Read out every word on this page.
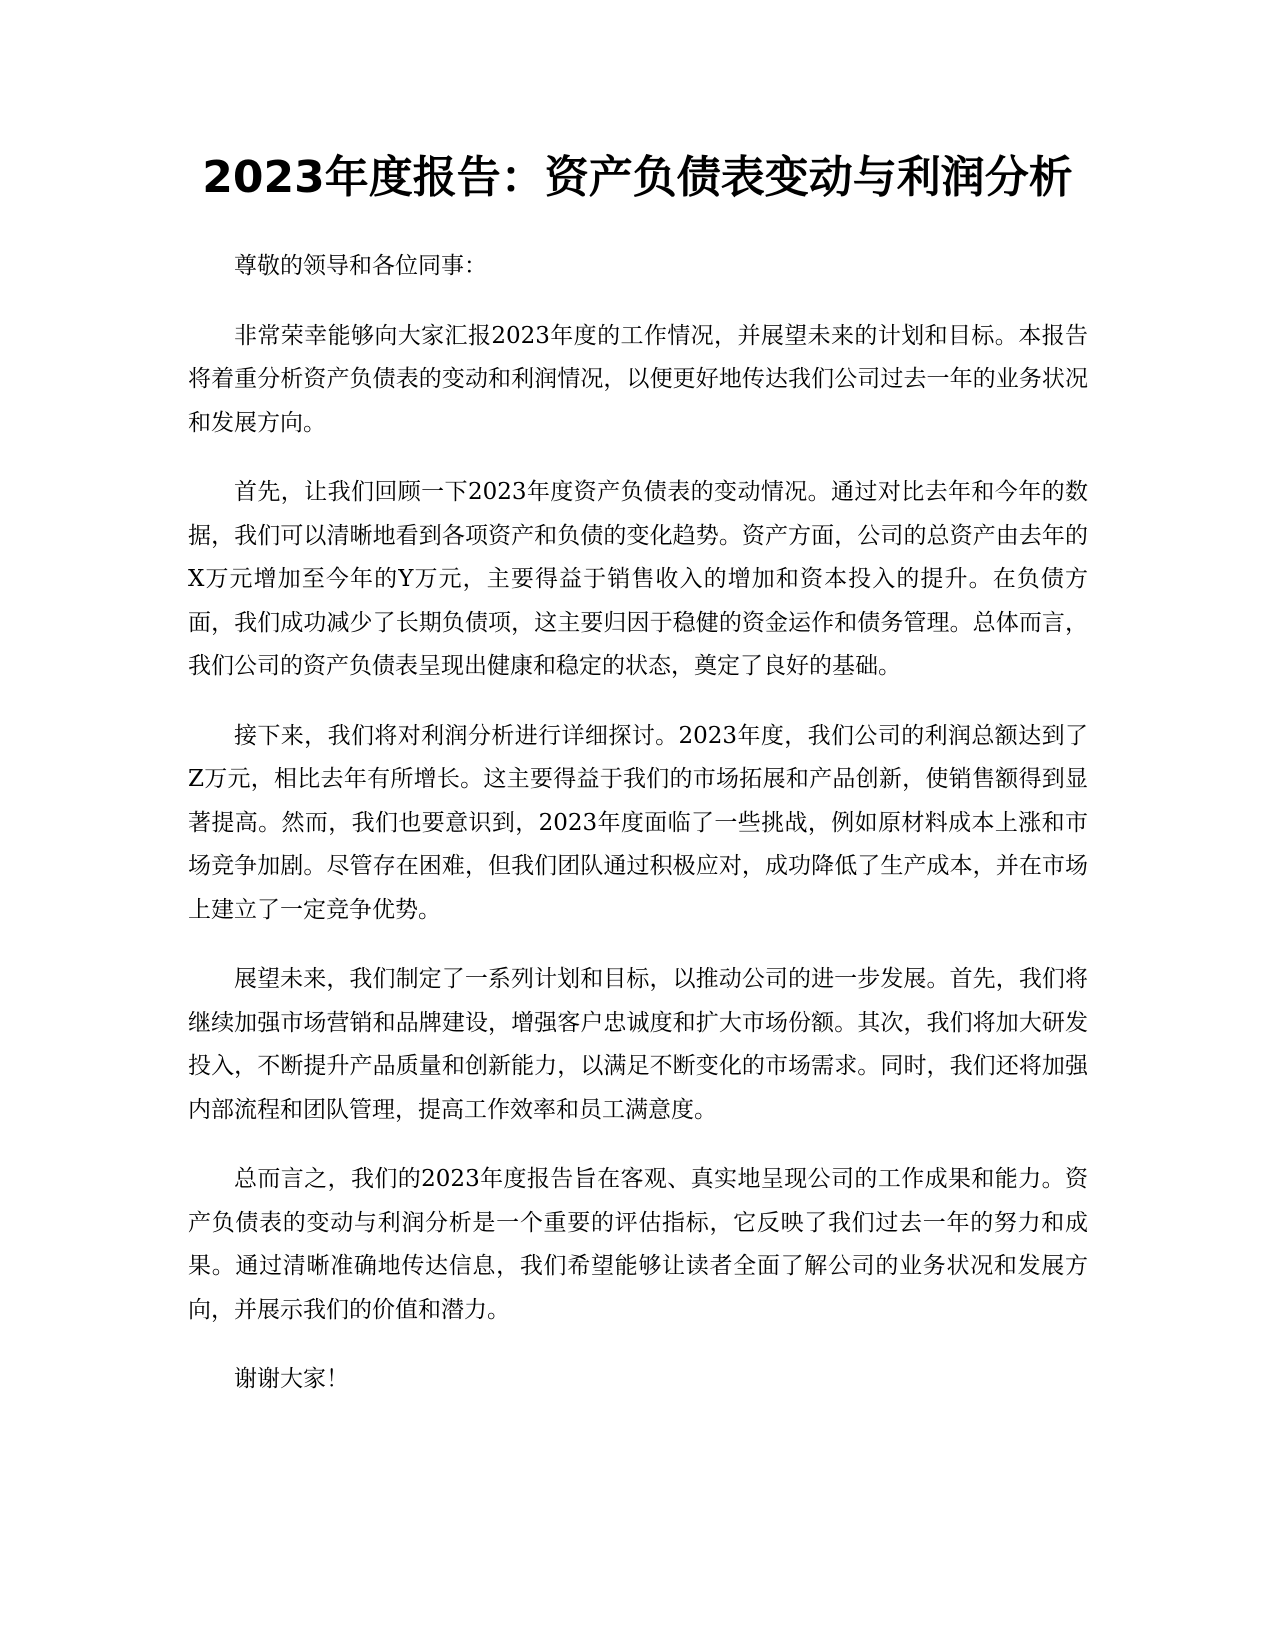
2023年度报告：资产负债表变动与利润分析

尊敬的领导和各位同事：

非常荣幸能够向大家汇报2023年度的工作情况，并展望未来的计划和目标。本报告将着重分析资产负债表的变动和利润情况，以便更好地传达我们公司过去一年的业务状况和发展方向。

首先，让我们回顾一下2023年度资产负债表的变动情况。通过对比去年和今年的数据，我们可以清晰地看到各项资产和负债的变化趋势。资产方面，公司的总资产由去年的X万元增加至今年的Y万元，主要得益于销售收入的增加和资本投入的提升。在负债方面，我们成功减少了长期负债项，这主要归因于稳健的资金运作和债务管理。总体而言，我们公司的资产负债表呈现出健康和稳定的状态，奠定了良好的基础。

接下来，我们将对利润分析进行详细探讨。2023年度，我们公司的利润总额达到了Z万元，相比去年有所增长。这主要得益于我们的市场拓展和产品创新，使销售额得到显著提高。然而，我们也要意识到，2023年度面临了一些挑战，例如原材料成本上涨和市场竞争加剧。尽管存在困难，但我们团队通过积极应对，成功降低了生产成本，并在市场上建立了一定竞争优势。

展望未来，我们制定了一系列计划和目标，以推动公司的进一步发展。首先，我们将继续加强市场营销和品牌建设，增强客户忠诚度和扩大市场份额。其次，我们将加大研发投入，不断提升产品质量和创新能力，以满足不断变化的市场需求。同时，我们还将加强内部流程和团队管理，提高工作效率和员工满意度。

总而言之，我们的2023年度报告旨在客观、真实地呈现公司的工作成果和能力。资产负债表的变动与利润分析是一个重要的评估指标，它反映了我们过去一年的努力和成果。通过清晰准确地传达信息，我们希望能够让读者全面了解公司的业务状况和发展方向，并展示我们的价值和潜力。

谢谢大家！
